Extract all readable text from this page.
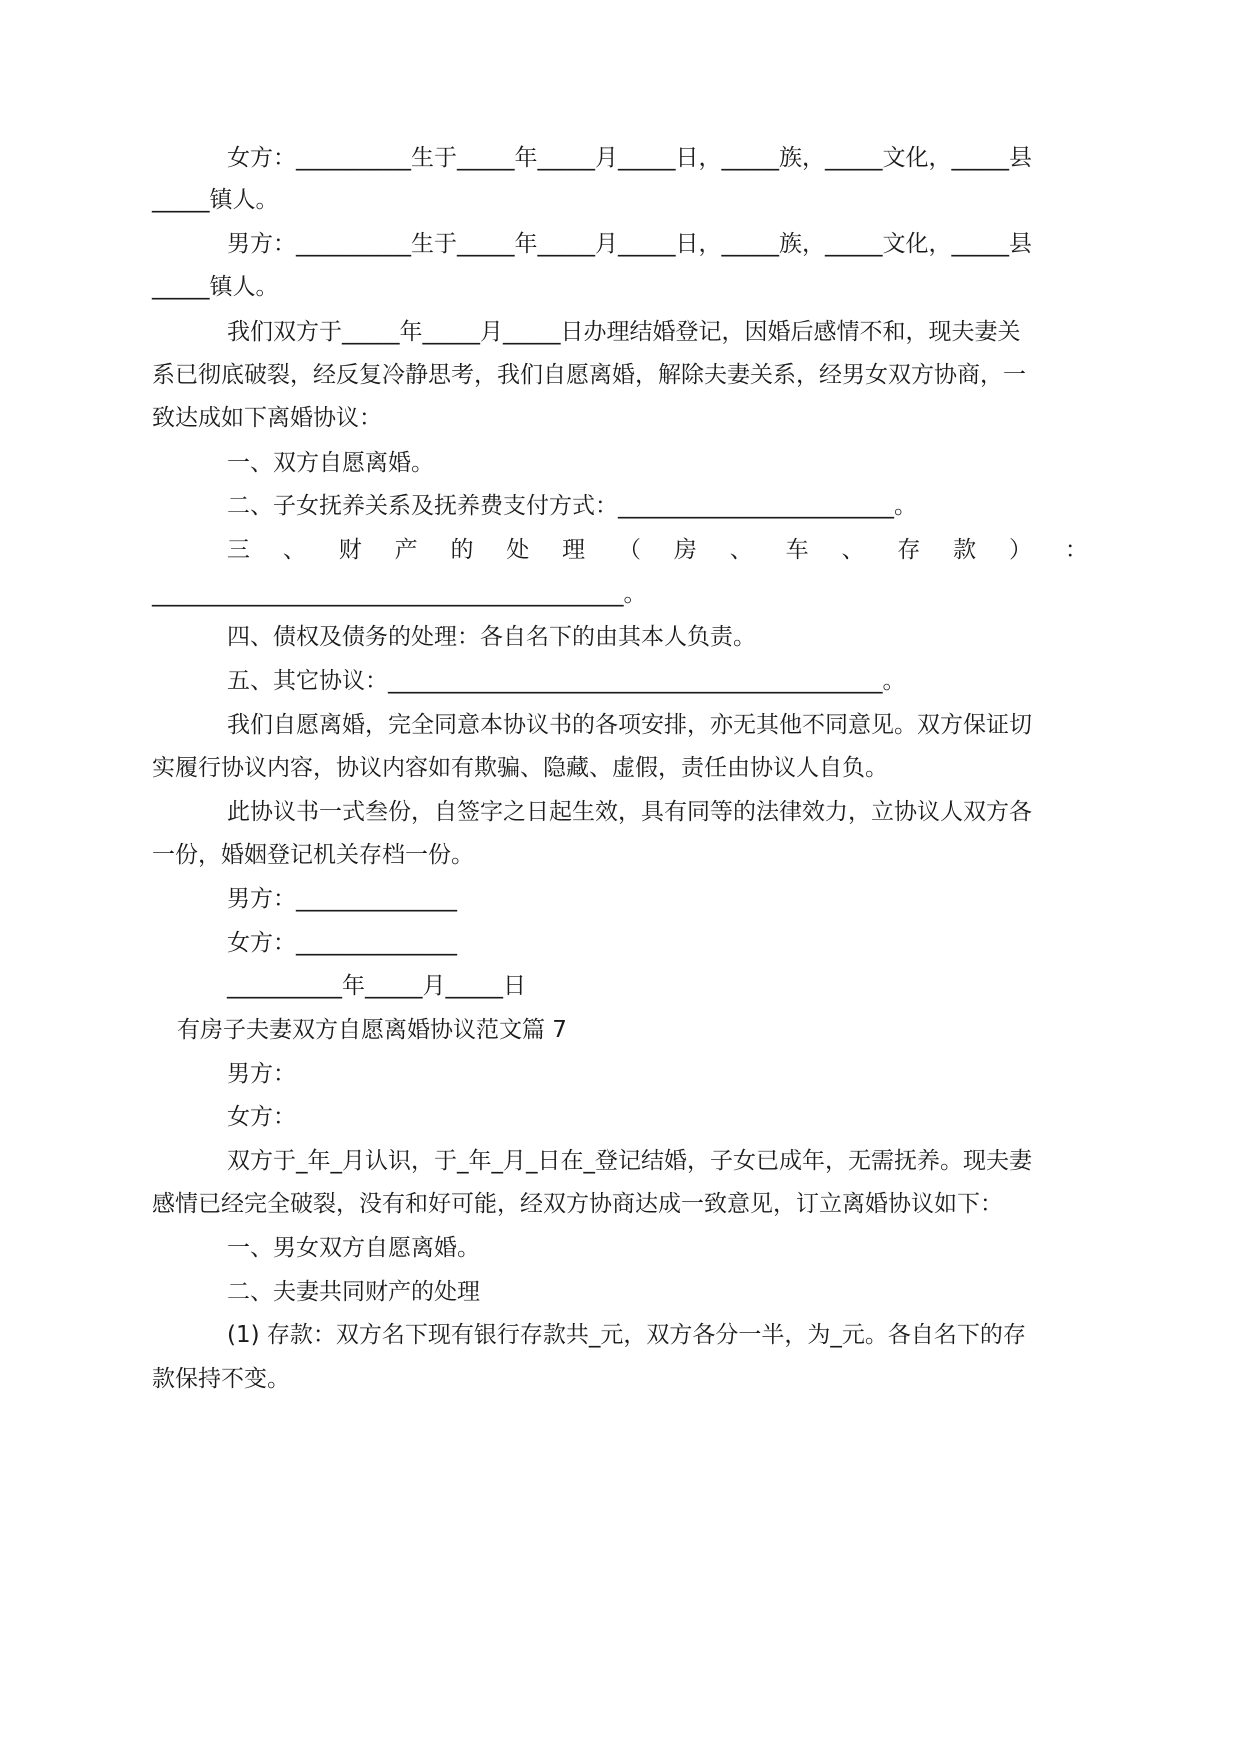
女方：__________生于_____年_____月_____日，_____族，_____文化，_____县

_____镇人。

男方：__________生于_____年_____月_____日，_____族，_____文化，_____县

_____镇人。

我们双方于_____年_____月_____日办理结婚登记，因婚后感情不和，现夫妻关

系已彻底破裂，经反复冷静思考，我们自愿离婚，解除夫妻关系，经男女双方协商，一

致达成如下离婚协议：

一、双方自愿离婚。

二、子女抚养关系及抚养费支付方式：________________________。

三 、 财 产 的 处 理 （ 房 、 车 、 存 款 ） ：

_________________________________________。

四、债权及债务的处理：各自名下的由其本人负责。

五、其它协议：___________________________________________。

我们自愿离婚，完全同意本协议书的各项安排，亦无其他不同意见。双方保证切

实履行协议内容，协议内容如有欺骗、隐藏、虚假，责任由协议人自负。

此协议书一式叁份，自签字之日起生效，具有同等的法律效力，立协议人双方各

一份，婚姻登记机关存档一份。

男方：______________

女方：______________

__________年_____月_____日

有房子夫妻双方自愿离婚协议范文篇 7

男方：

女方：

双方于_年_月认识，于_年_月_日在_登记结婚，子女已成年，无需抚养。现夫妻

感情已经完全破裂，没有和好可能，经双方协商达成一致意见，订立离婚协议如下：

一、男女双方自愿离婚。

二、夫妻共同财产的处理

(1) 存款：双方名下现有银行存款共_元，双方各分一半，为_元。各自名下的存

款保持不变。
